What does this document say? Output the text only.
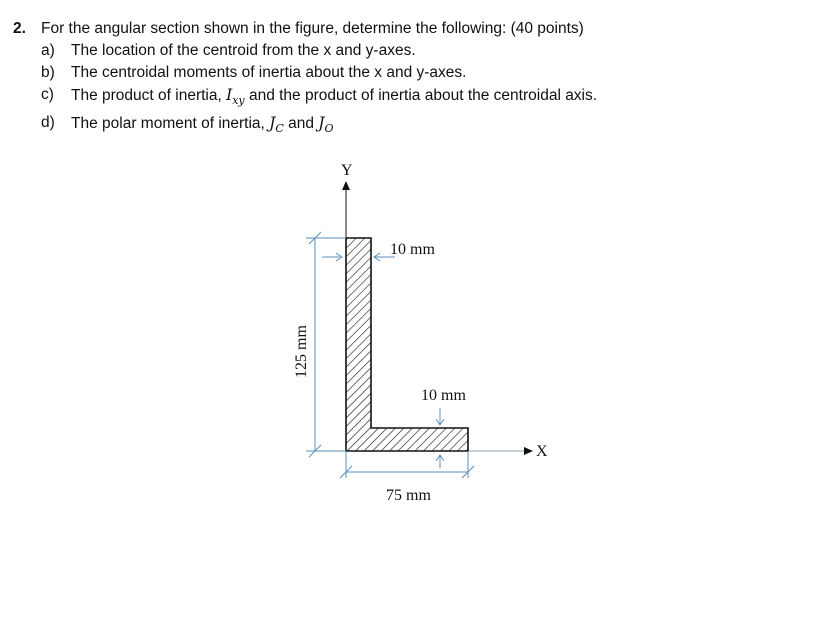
2. For the angular section shown in the figure, determine the following: (40 points)
a)	The location of the centroid from the x and y-axes.
b)	The centroidal moments of inertia about the x and y-axes.
c)	The product of inertia, $I_{xy}$ and the product of inertia about the centroidal axis.
d)	The polar moment of inertia, $J_C$ and $J_O$
Y
X
125 mm
10 mm
10 mm
75 mm
